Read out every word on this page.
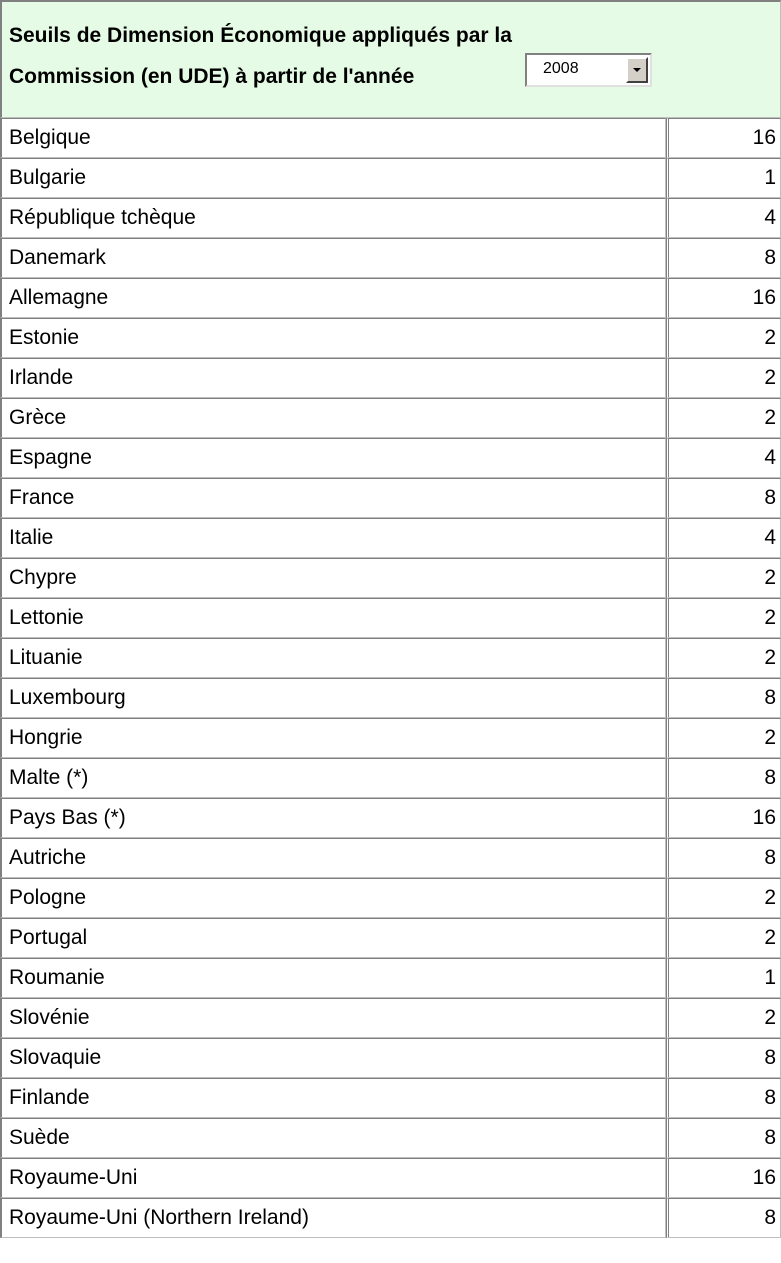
Seuils de Dimension Économique appliqués par la
Commission (en UDE) à partir de l'année 2008	

Belgique	16
Bulgarie	1
République tchèque	4
Danemark	8
Allemagne	16
Estonie	2
Irlande	2
Grèce	2
Espagne	4
France	8
Italie	4
Chypre	2
Lettonie	2
Lituanie	2
Luxembourg	8
Hongrie	2
Malte (*)	8
Pays Bas (*)	16
Autriche	8
Pologne	2
Portugal	2
Roumanie	1
Slovénie	2
Slovaquie	8
Finlande	8
Suède	8
Royaume-Uni	16
Royaume-Uni (Northern Ireland)	8
